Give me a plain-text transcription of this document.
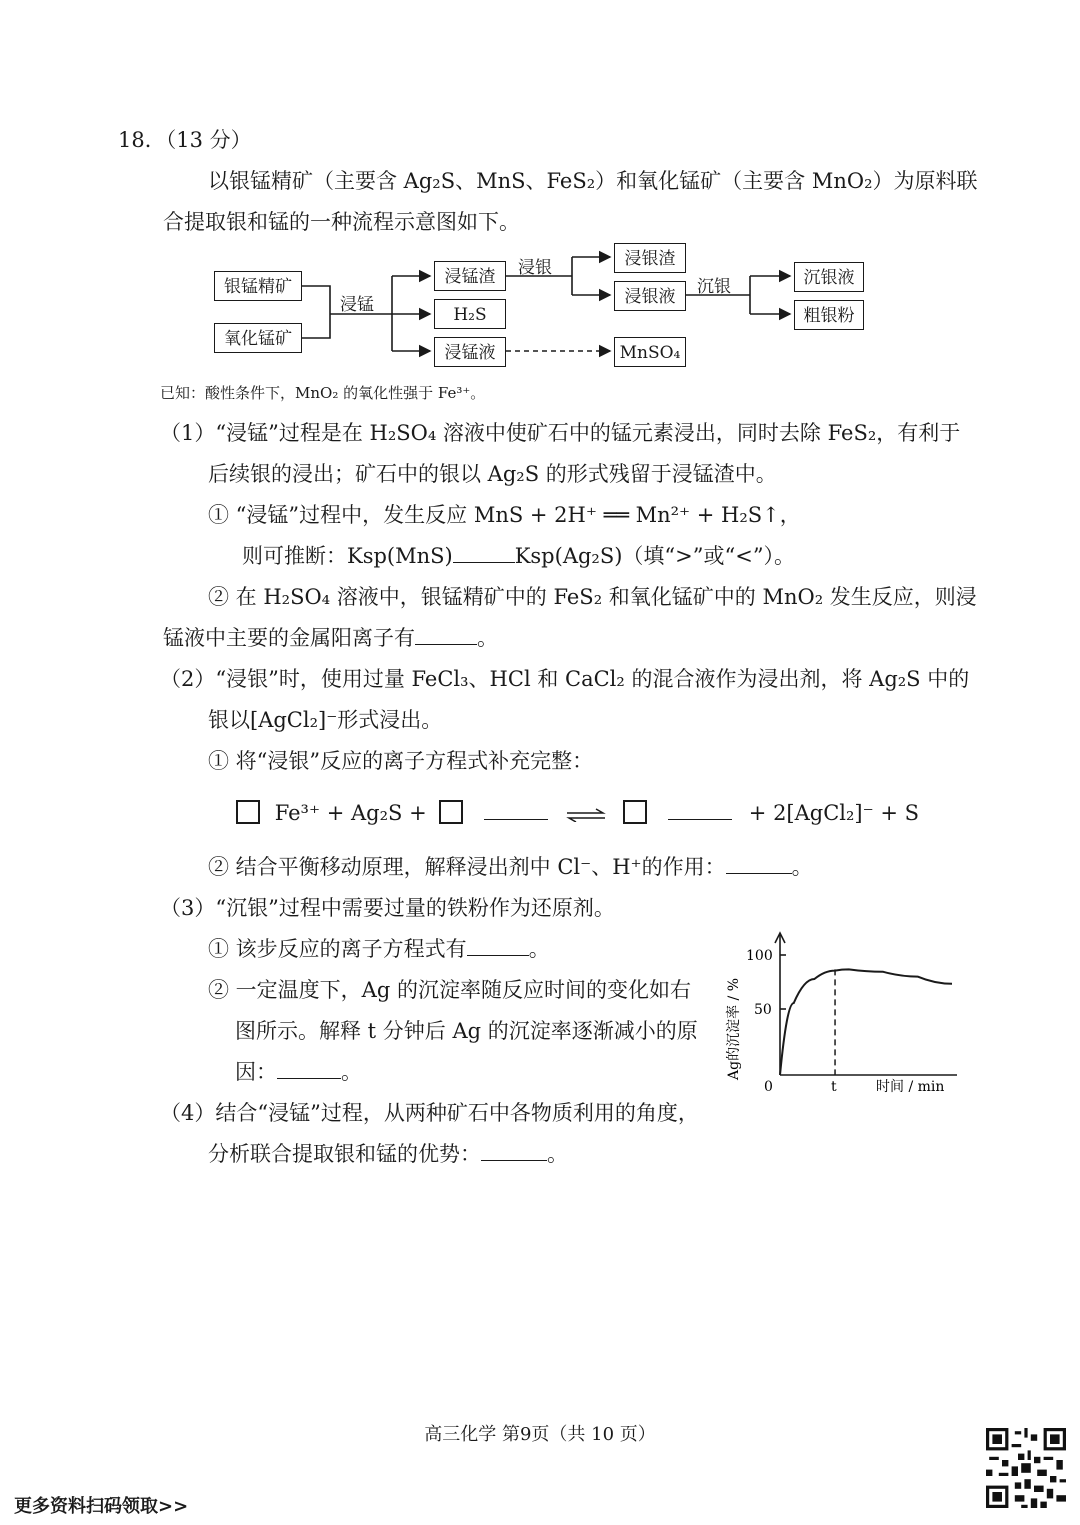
18．（13 分）
以银锰精矿（主要含 Ag₂S、MnS、FeS₂）和氧化锰矿（主要含 MnO₂）为原料联
合提取银和锰的一种流程示意图如下。
银锰精矿
氧化锰矿
浸锰
浸锰渣
H₂S
浸锰液
浸银	浸银渣
浸银液	沉银	沉银液
粗银粉
MnSO₄
已知：酸性条件下，MnO₂ 的氧化性强于 Fe³⁺。
（1）“浸锰”过程是在 H₂SO₄ 溶液中使矿石中的锰元素浸出，同时去除 FeS₂，有利于
后续银的浸出；矿石中的银以 Ag₂S 的形式残留于浸锰渣中。
① “浸锰”过程中，发生反应 MnS + 2H⁺ ══ Mn²⁺ + H₂S↑，
则可推断：Ksp(MnS)	Ksp(Ag₂S)（填“>”或“<”）。
② 在 H₂SO₄ 溶液中，银锰精矿中的 FeS₂ 和氧化锰矿中的 MnO₂ 发生反应，则浸
锰液中主要的金属阳离子有	。
（2）“浸银”时，使用过量 FeCl₃、HCl 和 CaCl₂ 的混合液作为浸出剂，将 Ag₂S 中的
银以[AgCl₂]⁻形式浸出。
① 将“浸银”反应的离子方程式补充完整：
Fe³⁺ + Ag₂S +	+ 2[AgCl₂]⁻ + S
② 结合平衡移动原理，解释浸出剂中 Cl⁻、H⁺的作用：	。
（3）“沉银”过程中需要过量的铁粉作为还原剂。
① 该步反应的离子方程式有	。
② 一定温度下，Ag 的沉淀率随反应时间的变化如右
图所示。解释 t 分钟后 Ag 的沉淀率逐渐减小的原
因：	。
100
50
0	t	时间 / min
Ag的沉淀率 / %
（4）结合“浸锰”过程，从两种矿石中各物质利用的角度，
分析联合提取银和锰的优势：	。
高三化学 第9页（共 10 页）
更多资料扫码领取>>
